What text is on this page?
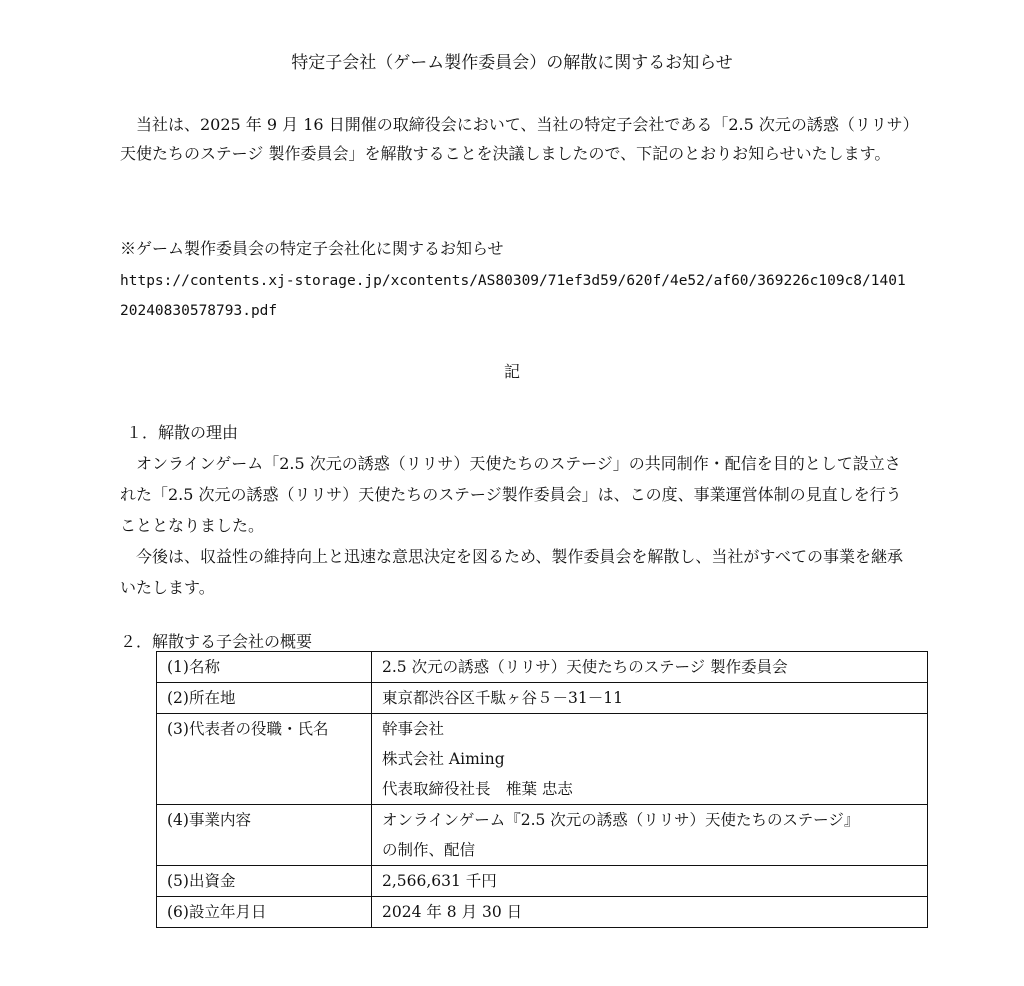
特定子会社（ゲーム製作委員会）の解散に関するお知らせ

当社は、2025 年 9 月 16 日開催の取締役会において、当社の特定子会社である「2.5 次元の誘惑（リリサ）天使たちのステージ 製作委員会」を解散することを決議しましたので、下記のとおりお知らせいたします。

※ゲーム製作委員会の特定子会社化に関するお知らせ
https://contents.xj-storage.jp/xcontents/AS80309/71ef3d59/620f/4e52/af60/369226c109c8/140120240830578793.pdf
記
１．解散の理由

オンラインゲーム「2.5 次元の誘惑（リリサ）天使たちのステージ」の共同制作・配信を目的として設立された「2.5 次元の誘惑（リリサ）天使たちのステージ製作委員会」は、この度、事業運営体制の見直しを行うこととなりました。

今後は、収益性の維持向上と迅速な意思決定を図るため、製作委員会を解散し、当社がすべての事業を継承いたします。

２．解散する子会社の概要
(1)名称	2.5 次元の誘惑（リリサ）天使たちのステージ 製作委員会

(2)所在地	東京都渋谷区千駄ヶ谷５－31－11

(3)代表者の役職・氏名	幹事会社
株式会社 Aiming
代表取締役社長　椎葉 忠志

(4)事業内容	オンラインゲーム『2.5 次元の誘惑（リリサ）天使たちのステージ』
の制作、配信

(5)出資金	2,566,631 千円

(6)設立年月日	2024 年 8 月 30 日
